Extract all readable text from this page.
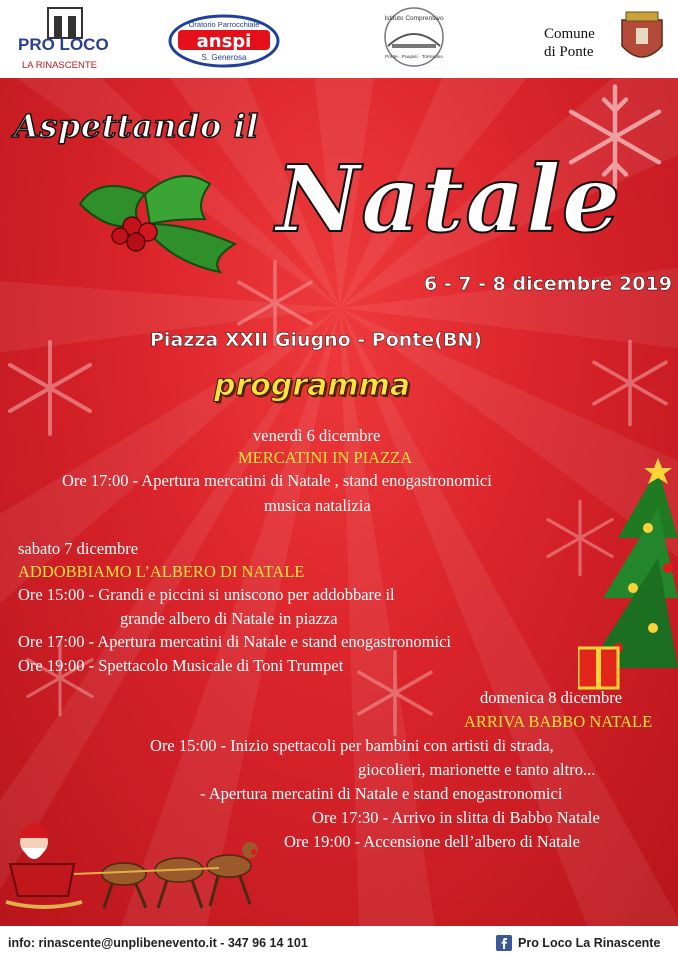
PRO LOCO
LA RINASCENTE
Oratorio Parrocchiale
anspi
S. Generosa
Istituto Comprensivo
Ponte · Paupisi · Torrecuso
Comune
di Ponte
Aspettando il
Natale
6 - 7 - 8 dicembre 2019
Piazza XXII Giugno - Ponte(BN)
programma
venerdì 6 dicembre
MERCATINI IN PIAZZA
Ore 17:00 - Apertura mercatini di Natale , stand enogastronomici
musica natalizia
sabato 7 dicembre
ADDOBBIAMO L’ALBERO DI NATALE
Ore 15:00 - Grandi e piccini si uniscono per addobbare il
grande albero di Natale in piazza
Ore 17:00 - Apertura mercatini di Natale e stand enogastronomici
Ore 19:00 - Spettacolo Musicale di Toni Trumpet
domenica 8 dicembre
ARRIVA BABBO NATALE
Ore 15:00 - Inizio spettacoli per bambini con artisti di strada,
giocolieri, marionette e tanto altro...
- Apertura mercatini di Natale e stand enogastronomici
Ore 17:30 - Arrivo in slitta di Babbo Natale
Ore 19:00 - Accensione dell’albero di Natale
info: rinascente@unplibenevento.it - 347 96 14 101	Pro Loco La Rinascente
